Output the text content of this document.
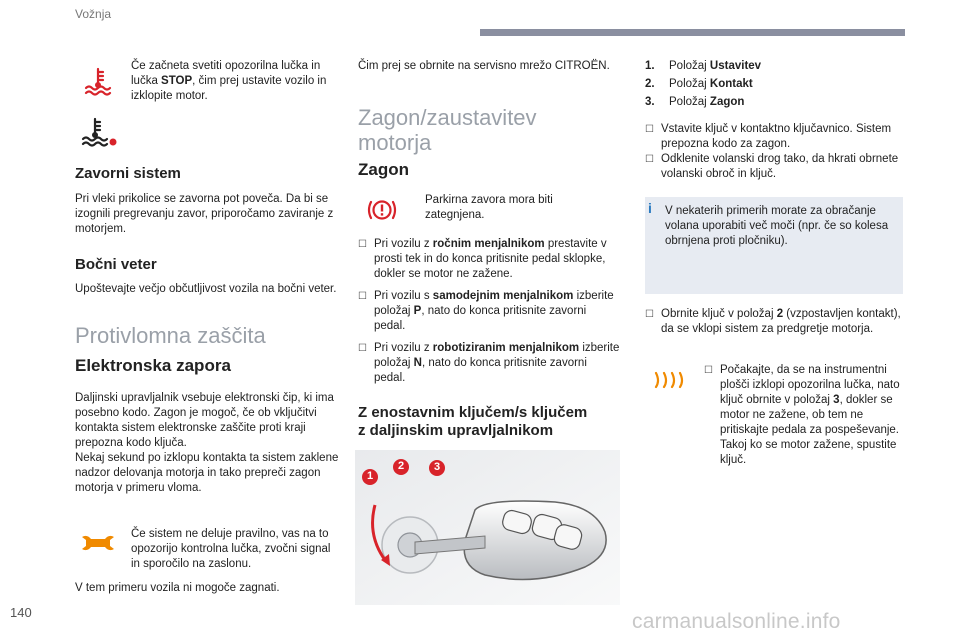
Vožnja
Če začneta svetiti opozorilna lučka in lučka STOP, čim prej ustavite vozilo in izklopite motor.
Zavorni sistem
Pri vleki prikolice se zavorna pot poveča. Da bi se izognili pregrevanju zavor, priporočamo zaviranje z motorjem.
Bočni veter
Upoštevajte večjo občutljivost vozila na bočni veter.
Protivlomna zaščita
Elektronska zapora

Daljinski upravljalnik vsebuje elektronski čip, ki ima posebno kodo. Zagon je mogoč, če ob vključitvi kontakta sistem elektronske zaščite proti kraji prepozna kodo ključa.

Nekaj sekund po izklopu kontakta ta sistem zaklene nadzor delovanja motorja in tako prepreči zagon motorja v primeru vloma.

Če sistem ne deluje pravilno, vas na to opozorijo kontrolna lučka, zvočni signal in sporočilo na zaslonu.
V tem primeru vozila ni mogoče zagnati.
Čim prej se obrnite na servisno mrežo CITROËN.
Zagon/zaustavitev
motorja
Zagon
Parkirna zavora mora biti zategnjena.
☐ Pri vozilu z ročnim menjalnikom prestavite v prosti tek in do konca pritisnite pedal sklopke, dokler se motor ne zažene.
☐ Pri vozilu s samodejnim menjalnikom izberite položaj P, nato do konca pritisnite zavorni pedal.
☐ Pri vozilu z robotiziranim menjalnikom izberite položaj N, nato do konca pritisnite zavorni pedal.
Z enostavnim ključem/s ključem
z daljinskim upravljalnikom
1
2	3
1. Položaj Ustavitev
2. Položaj Kontakt
3. Položaj Zagon
☐ Vstavite ključ v kontaktno ključavnico. Sistem prepozna kodo za zagon.
☐ Odklenite volanski drog tako, da hkrati obrnete volanski obroč in ključ.
i V nekaterih primerih morate za obračanje volana uporabiti več moči (npr. če so kolesa obrnjena proti pločniku).
☐ Obrnite ključ v položaj 2 (vzpostavljen kontakt), da se vklopi sistem za predgretje motorja.
☐ Počakajte, da se na instrumentni plošči izklopi opozorilna lučka, nato ključ obrnite v položaj 3, dokler se motor ne zažene, ob tem ne pritiskajte pedala za pospeševanje. Takoj ko se motor zažene, spustite ključ.
140	carmanualsonline.info
